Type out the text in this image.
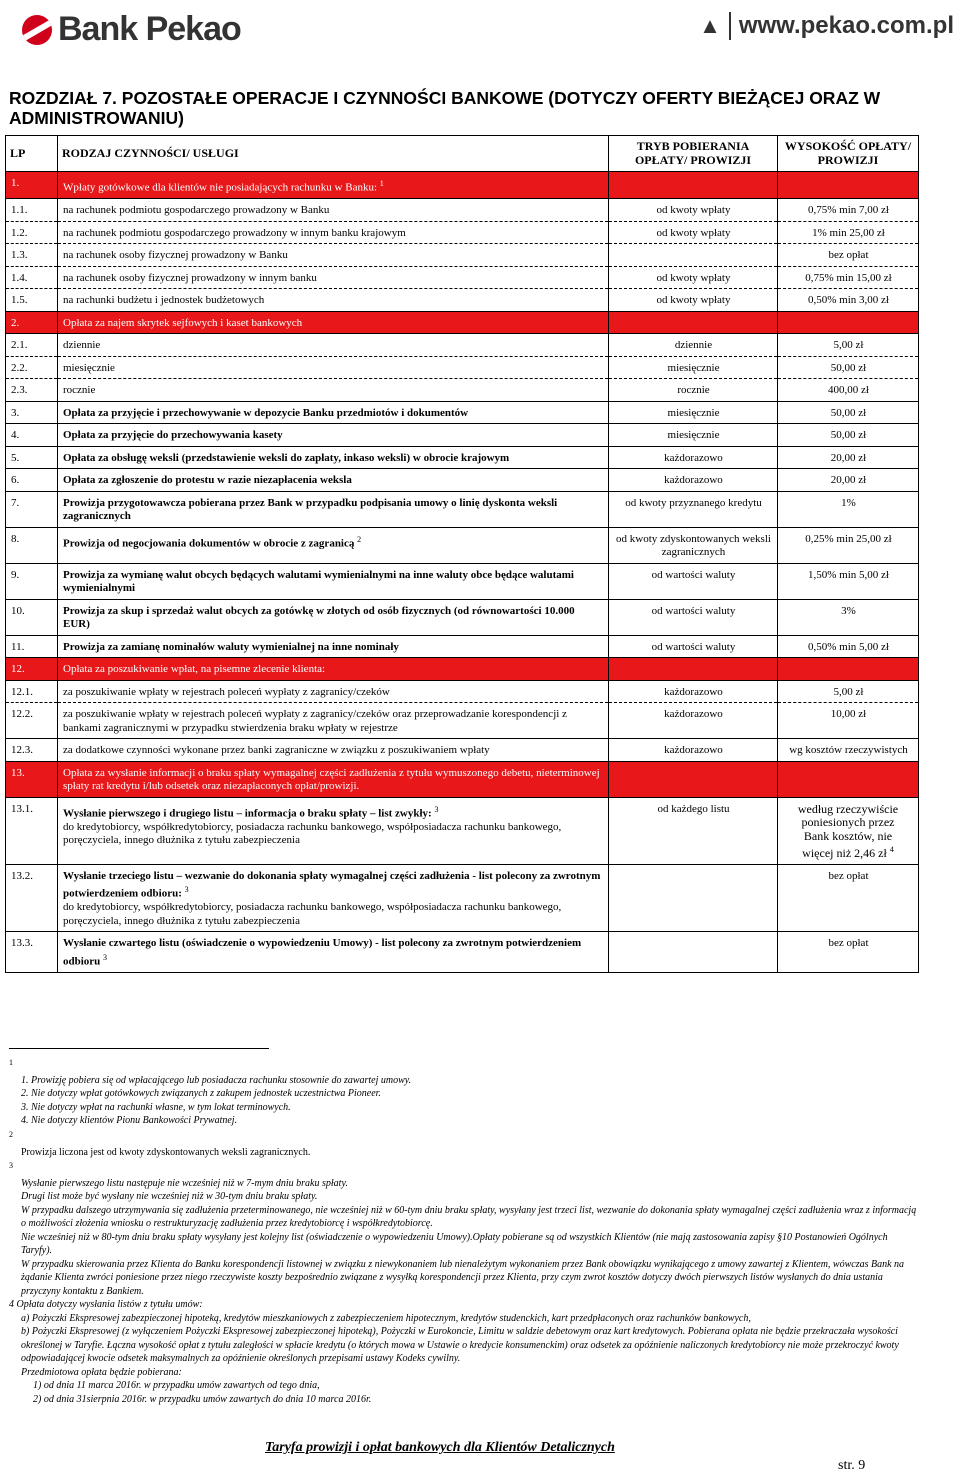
Bank Pekao	▲ www.pekao.com.pl
ROZDZIAŁ 7. POZOSTAŁE OPERACJE I CZYNNOŚCI BANKOWE (DOTYCZY OFERTY BIEŻĄCEJ ORAZ W ADMINISTROWANIU)
LP	RODZAJ CZYNNOŚCI/ USŁUGI	TRYB POBIERANIA OPŁATY/ PROWIZJI	WYSOKOŚĆ OPŁATY/ PROWIZJI
1.	Wpłaty gotówkowe dla klientów nie posiadających rachunku w Banku: $^1$		
1.1.	na rachunek podmiotu gospodarczego prowadzony w Banku	od kwoty wpłaty	0,75% min 7,00 zł
1.2.	na rachunek podmiotu gospodarczego prowadzony w innym banku krajowym	od kwoty wpłaty	1% min 25,00 zł
1.3.	na rachunek osoby fizycznej prowadzony w Banku		bez opłat
1.4.	na rachunek osoby fizycznej prowadzony w innym banku	od kwoty wpłaty	0,75% min 15,00 zł
1.5.	na rachunki budżetu i jednostek budżetowych	od kwoty wpłaty	0,50% min 3,00 zł
2.	Opłata za najem skrytek sejfowych i kaset bankowych		
2.1.	dziennie	dziennie	5,00 zł
2.2.	miesięcznie	miesięcznie	50,00 zł
2.3.	rocznie	rocznie	400,00 zł
3.	Opłata za przyjęcie i przechowywanie w depozycie Banku przedmiotów i dokumentów	miesięcznie	50,00 zł
4.	Opłata za przyjęcie do przechowywania kasety	miesięcznie	50,00 zł
5.	Opłata za obsługę weksli (przedstawienie weksli do zapłaty, inkaso weksli) w obrocie krajowym	każdorazowo	20,00 zł
6.	Opłata za zgłoszenie do protestu w razie niezapłacenia weksla	każdorazowo	20,00 zł
7.	Prowizja przygotowawcza pobierana przez Bank w przypadku podpisania umowy o linię dyskonta weksli zagranicznych	od kwoty przyznanego kredytu	1%
8.	Prowizja od negocjowania dokumentów w obrocie z zagranicą $^2$	od kwoty zdyskontowanych weksli zagranicznych	0,25% min 25,00 zł
9.	Prowizja za wymianę walut obcych będących walutami wymienialnymi na inne waluty obce będące walutami wymienialnymi	od wartości waluty	1,50% min 5,00 zł
10.	Prowizja za skup i sprzedaż walut obcych za gotówkę w złotych od osób fizycznych (od równowartości 10.000 EUR)	od wartości waluty	3%
11.	Prowizja za zamianę nominałów waluty wymienialnej na inne nominały	od wartości waluty	0,50% min 5,00 zł
12.	Opłata za poszukiwanie wpłat, na pisemne zlecenie klienta:		
12.1.	za poszukiwanie wpłaty w rejestrach poleceń wypłaty z zagranicy/czeków	każdorazowo	5,00 zł
12.2.	za poszukiwanie wpłaty w rejestrach poleceń wypłaty z zagranicy/czeków oraz przeprowadzanie korespondencji z bankami zagranicznymi w przypadku stwierdzenia braku wpłaty w rejestrze	każdorazowo	10,00 zł
12.3.	za dodatkowe czynności wykonane przez banki zagraniczne w związku z poszukiwaniem wpłaty	każdorazowo	wg kosztów rzeczywistych
13.	Opłata za wysłanie informacji o braku spłaty wymagalnej części zadłużenia z tytułu wymuszonego debetu, nieterminowej spłaty rat kredytu i/lub odsetek oraz niezapłaconych opłat/prowizji.		
13.1.	Wysłanie pierwszego i drugiego listu – informacja o braku spłaty – list zwykły: $^3$
do kredytobiorcy, współkredytobiorcy, posiadacza rachunku bankowego, współposiadacza rachunku bankowego, poręczyciela, innego dłużnika z tytułu zabezpieczenia	od każdego listu	według rzeczywiście poniesionych przez Bank kosztów, nie więcej niż 2,46 zł $^4$
13.2.	Wysłanie trzeciego listu – wezwanie do dokonania spłaty wymagalnej części zadłużenia - list polecony za zwrotnym potwierdzeniem odbioru: $^3$
do kredytobiorcy, współkredytobiorcy, posiadacza rachunku bankowego, współposiadacza rachunku bankowego, poręczyciela, innego dłużnika z tytułu zabezpieczenia		bez opłat
13.3.	Wysłanie czwartego listu (oświadczenie o wypowiedzeniu Umowy) - list polecony za zwrotnym potwierdzeniem odbioru $^3$		bez opłat

$^1$

1. Prowizję pobiera się od wpłacającego lub posiadacza rachunku stosownie do zawartej umowy.

2. Nie dotyczy wpłat gotówkowych związanych z zakupem jednostek uczestnictwa Pioneer.

3. Nie dotyczy wpłat na rachunki własne, w tym lokat terminowych.

4. Nie dotyczy klientów Pionu Bankowości Prywatnej.

$^2$

Prowizja liczona jest od kwoty zdyskontowanych weksli zagranicznych.

$^3$

Wysłanie pierwszego listu następuje nie wcześniej niż w 7-mym dniu braku spłaty.

Drugi list może być wysłany nie wcześniej niż w 30-tym dniu braku spłaty.

W przypadku dalszego utrzymywania się zadłużenia przeterminowanego, nie wcześniej niż w 60-tym dniu braku spłaty, wysyłany jest trzeci list, wezwanie do dokonania spłaty wymagalnej części zadłużenia wraz z informacją o możliwości złożenia wniosku o restrukturyzację zadłużenia przez kredytobiorcę i współkredytobiorcę.

Nie wcześniej niż w 80-tym dniu braku spłaty wysyłany jest kolejny list (oświadczenie o wypowiedzeniu Umowy).Opłaty pobierane są od wszystkich Klientów (nie mają zastosowania zapisy §10 Postanowień Ogólnych Taryfy).

W przypadku skierowania przez Klienta do Banku korespondencji listownej w związku z niewykonaniem lub nienależytym wykonaniem przez Bank obowiązku wynikającego z umowy zawartej z Klientem, wówczas Bank na żądanie Klienta zwróci poniesione przez niego rzeczywiste koszty bezpośrednio związane z wysyłką korespondencji przez Klienta, przy czym zwrot kosztów dotyczy dwóch pierwszych listów wysłanych do dnia ustania przyczyny kontaktu z Bankiem.

4 Opłata dotyczy wysłania listów z tytułu umów:

a) Pożyczki Ekspresowej zabezpieczonej hipoteką, kredytów mieszkaniowych z zabezpieczeniem hipotecznym, kredytów studenckich, kart przedpłaconych oraz rachunków bankowych,

b) Pożyczki Ekspresowej (z wyłączeniem Pożyczki Ekspresowej zabezpieczonej hipoteką), Pożyczki w Eurokoncie, Limitu w saldzie debetowym oraz kart kredytowych. Pobierana opłata nie będzie przekraczała wysokości określonej w Taryfie. Łączna wysokość opłat z tytułu zaległości w spłacie kredytu (o których mowa w Ustawie o kredycie konsumenckim) oraz odsetek za opóźnienie naliczonych kredytobiorcy nie może przekroczyć kwoty odpowiadającej kwocie odsetek maksymalnych za opóźnienie określonych przepisami ustawy Kodeks cywilny.

Przedmiotowa opłata będzie pobierana:

1) od dnia 11 marca 2016r. w przypadku umów zawartych od tego dnia,

2) od dnia 31sierpnia 2016r. w przypadku umów zawartych do dnia 10 marca 2016r.

Taryfa prowizji i opłat bankowych dla Klientów Detalicznych
str. 9
